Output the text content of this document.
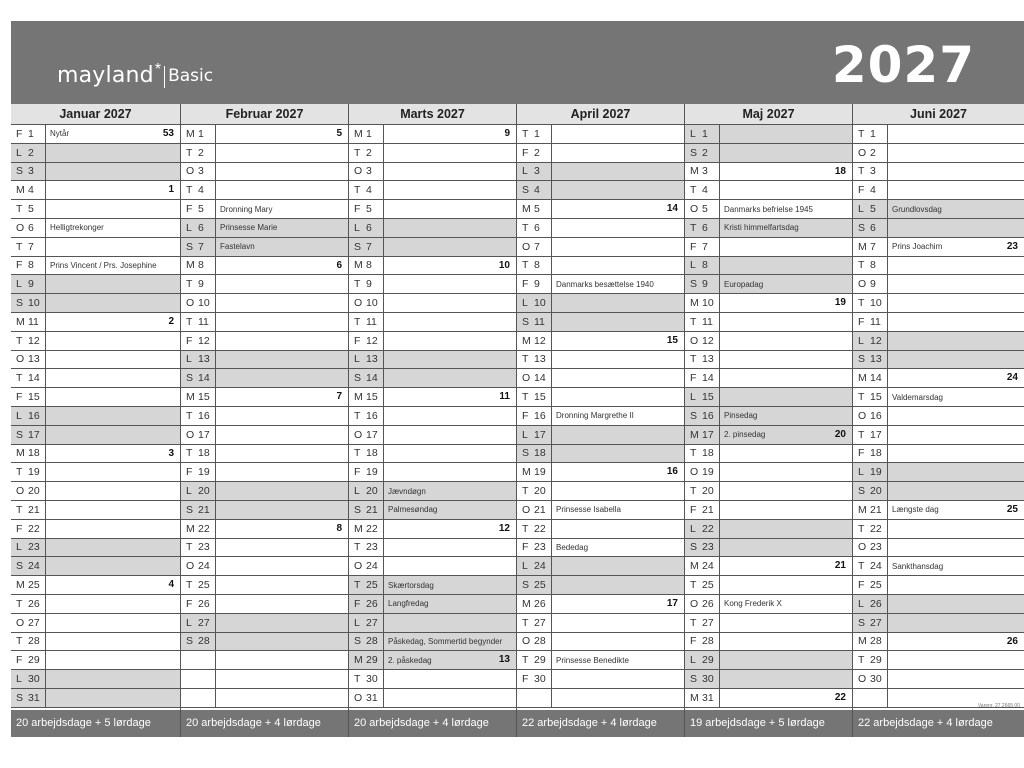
mayland * Basic	2027
Januar 2027
F 1 Nytår	53
L 2
S 3
M 4	1
T 5
O 6 Helligtrekonger
T 7
F 8 Prins Vincent / Prs. Josephine
L 9
S 10
M 11	2
T 12
O 13
T 14
F 15
L 16
S 17
M 18	3
T 19
O 20
T 21
F 22
L 23
S 24
M 25	4
T 26
O 27
T 28
F 29
L 30
S 31
20 arbejdsdage + 5 lørdage
Februar 2027
M 1	5
T 2
O 3
T 4
F 5 Dronning Mary
L 6 Prinsesse Marie
S 7 Fastelavn
M 8	6
T 9
O 10
T 11
F 12
L 13
S 14
M 15	7
T 16
O 17
T 18
F 19
L 20
S 21
M 22	8
T 23
O 24
T 25
F 26
L 27
S 28
20 arbejdsdage + 4 lørdage
Marts 2027
M 1	9
T 2
O 3
T 4
F 5
L 6
S 7
M 8	10
T 9
O 10
T 11
F 12
L 13
S 14
M 15	11
T 16
O 17
T 18
F 19
L 20 Jævndøgn
S 21 Palmesøndag
M 22	12
T 23
O 24
T 25 Skærtorsdag
F 26 Langfredag
L 27
S 28 Påskedag, Sommertid begynder
M 29 2. påskedag	13
T 30
O 31
20 arbejdsdage + 4 lørdage
April 2027
T 1
F 2
L 3
S 4
M 5	14
T 6
O 7
T 8
F 9 Danmarks besættelse 1940
L 10
S 11
M 12	15
T 13
O 14
T 15
F 16 Dronning Margrethe II
L 17
S 18
M 19	16
T 20
O 21 Prinsesse Isabella
T 22
F 23 Bededag
L 24
S 25
M 26	17
T 27
O 28
T 29 Prinsesse Benedikte
F 30
22 arbejdsdage + 4 lørdage
Maj 2027
L 1
S 2
M 3	18
T 4
O 5 Danmarks befrielse 1945
T 6 Kristi himmelfartsdag
F 7
L 8
S 9 Europadag
M 10	19
T 11
O 12
T 13
F 14
L 15
S 16 Pinsedag
M 17 2. pinsedag	20
T 18
O 19
T 20
F 21
L 22
S 23
M 24	21
T 25
O 26 Kong Frederik X
T 27
F 28
L 29
S 30
M 31	22
19 arbejdsdage + 5 lørdage
Juni 2027
T 1
O 2
T 3
F 4
L 5 Grundlovsdag
S 6
M 7 Prins Joachim	23
T 8
O 9
T 10
F 11
L 12
S 13
M 14	24
T 15 Valdemarsdag
O 16
T 17
F 18
L 19
S 20
M 21 Længste dag	25
T 22
O 23
T 24 Sankthansdag
F 25
L 26
S 27
M 28	26
T 29
O 30
Varenr. 27 2665 00
22 arbejdsdage + 4 lørdage
